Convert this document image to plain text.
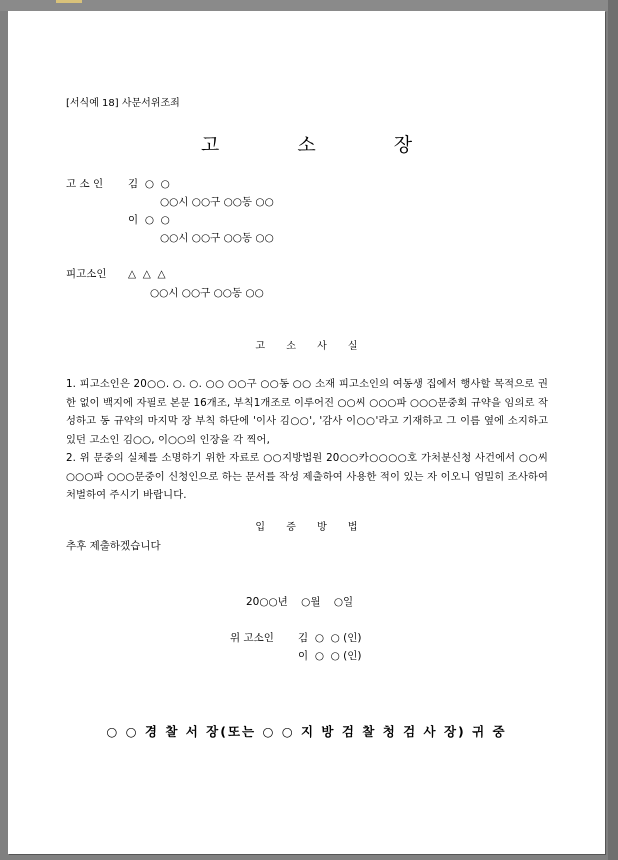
[서식예 18] 사문서위조죄
고 소 장
고 소 인 김  ○  ○
○○시 ○○구 ○○동 ○○
이  ○  ○
○○시 ○○구 ○○동 ○○
피고소인 △  △  △
○○시 ○○구 ○○동 ○○
고 소 사 실
1. 피고소인은 20○○. ○. ○. ○○ ○○구 ○○동 ○○ 소재 피고소인의 여동생 집에서 행사할 목적으로 권한 없이 백지에 자필로 본문 16개조, 부칙1개조로 이루어진 ○○씨 ○○○파 ○○○문중회 규약을 임의로 작성하고 동 규약의 마지막 장 부칙 하단에 '이사 김○○', '감사 이○○'라고 기재하고 그 이름 옆에 소지하고 있던 고소인 김○○, 이○○의 인장을 각 찍어,
2. 위 문중의 실체를 소명하기 위한 자료로 ○○지방법원 20○○카○○○○호 가처분신청 사건에서 ○○씨 ○○○파 ○○○문중이 신청인으로 하는 문서를 작성 제출하여 사용한 적이 있는 자 이오니 엄밀히 조사하여 처벌하여 주시기 바랍니다.
입 증 방 법
추후 제출하겠습니다
20○○년    ○월    ○일
위 고소인 김  ○  ○ (인)
이  ○  ○ (인)
○ ○ 경 찰 서 장(또는 ○ ○ 지 방 검 찰 청 검 사 장) 귀 중
